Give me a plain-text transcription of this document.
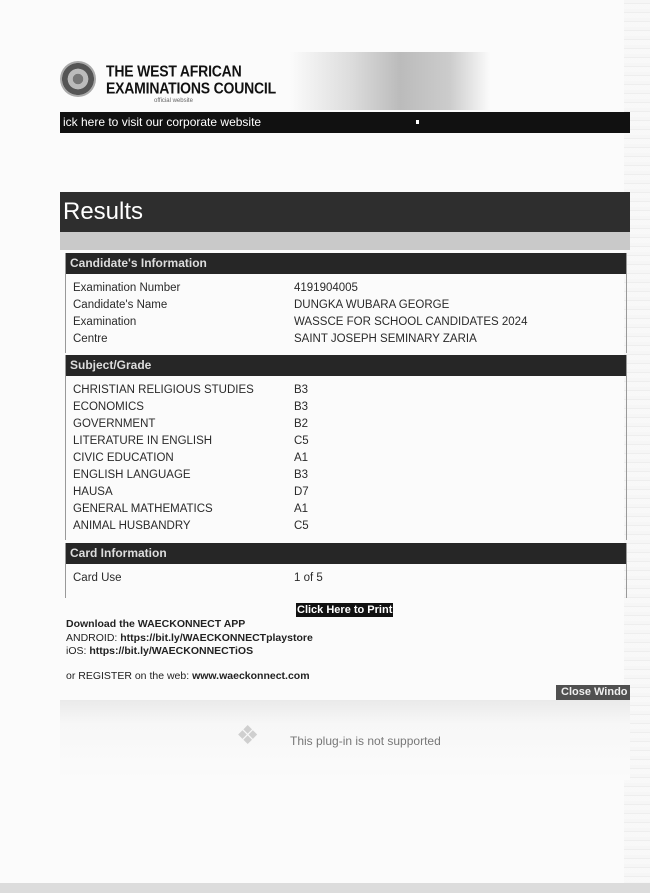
THE WEST AFRICAN
EXAMINATIONS COUNCIL
official website
ick here to visit our corporate website
Results
Candidate's Information
Examination Number	4191904005
Candidate's Name	DUNGKA WUBARA GEORGE
Examination	WASSCE FOR SCHOOL CANDIDATES 2024
Centre	SAINT JOSEPH SEMINARY ZARIA
Subject/Grade
CHRISTIAN RELIGIOUS STUDIES	B3
ECONOMICS	B3
GOVERNMENT	B2
LITERATURE IN ENGLISH	C5
CIVIC EDUCATION	A1
ENGLISH LANGUAGE	B3
HAUSA	D7
GENERAL MATHEMATICS	A1
ANIMAL HUSBANDRY	C5
Card Information
Card Use	1 of 5
Click Here to Print
Download the WAECKONNECT APP
ANDROID: https://bit.ly/WAECKONNECTplaystore
iOS: https://bit.ly/WAECKONNECTiOS
or REGISTER on the web: www.waeckonnect.com
❖	This plug-in is not supported
Close Windo
